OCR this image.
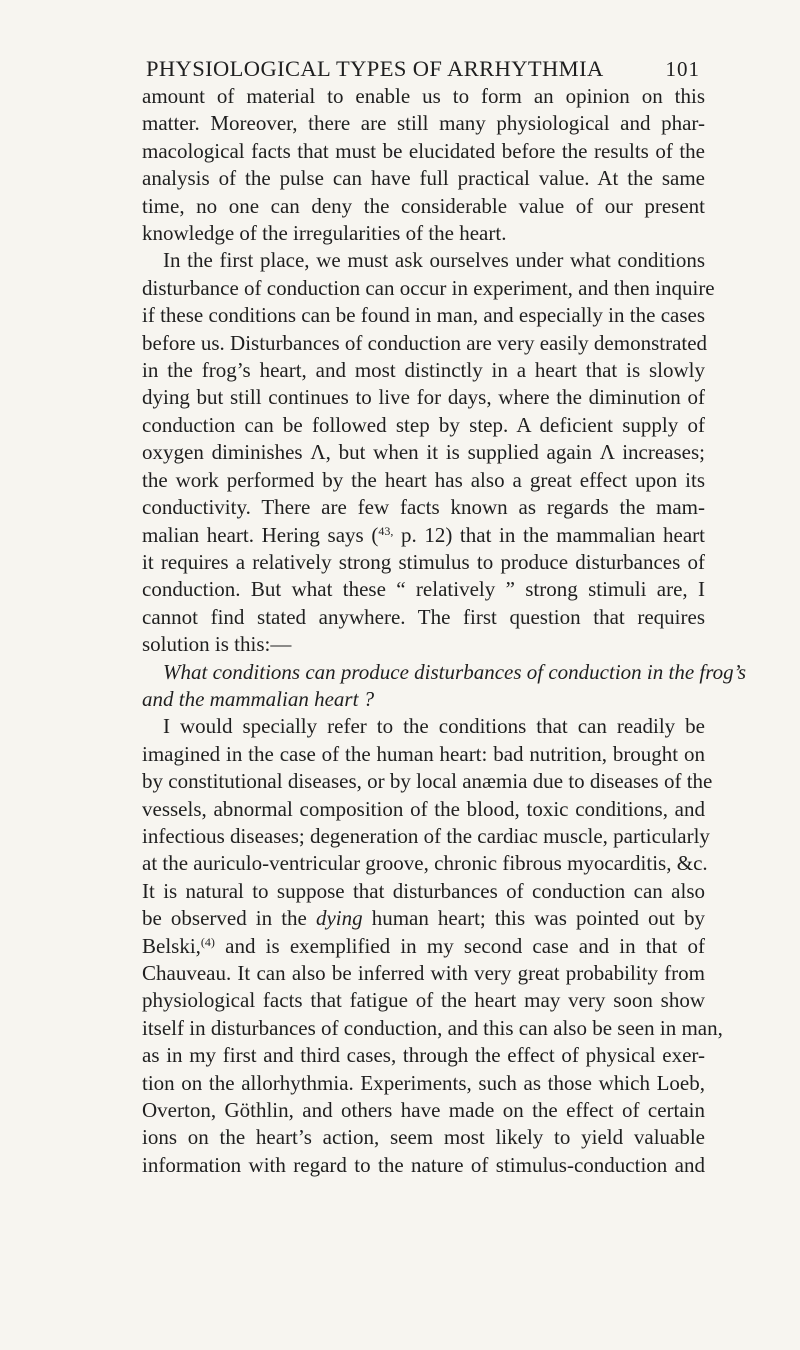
PHYSIOLOGICAL TYPES OF ARRHYTHMIA	101
amount of material to enable us to form an opinion on this
matter. Moreover, there are still many physiological and phar-
macological facts that must be elucidated before the results of the
analysis of the pulse can have full practical value. At the same
time, no one can deny the considerable value of our present
knowledge of the irregularities of the heart.
In the first place, we must ask ourselves under what conditions
disturbance of conduction can occur in experiment, and then inquire
if these conditions can be found in man, and especially in the cases
before us. Disturbances of conduction are very easily demonstrated
in the frog’s heart, and most distinctly in a heart that is slowly
dying but still continues to live for days, where the diminution of
conduction can be followed step by step. A deficient supply of
oxygen diminishes Λ, but when it is supplied again Λ increases;
the work performed by the heart has also a great effect upon its
conductivity. There are few facts known as regards the mam-
malian heart. Hering says ($^{43,}$ p. 12) that in the mammalian heart
it requires a relatively strong stimulus to produce disturbances of
conduction. But what these “ relatively ” strong stimuli are, I
cannot find stated anywhere. The first question that requires
solution is this:—
What conditions can produce disturbances of conduction in the frog’s
and the mammalian heart ?
I would specially refer to the conditions that can readily be
imagined in the case of the human heart: bad nutrition, brought on
by constitutional diseases, or by local anæmia due to diseases of the
vessels, abnormal composition of the blood, toxic conditions, and
infectious diseases; degeneration of the cardiac muscle, particularly
at the auriculo-ventricular groove, chronic fibrous myocarditis, &c.
It is natural to suppose that disturbances of conduction can also
be observed in the dying human heart; this was pointed out by
Belski,$^{(4)}$ and is exemplified in my second case and in that of
Chauveau. It can also be inferred with very great probability from
physiological facts that fatigue of the heart may very soon show
itself in disturbances of conduction, and this can also be seen in man,
as in my first and third cases, through the effect of physical exer-
tion on the allorhythmia. Experiments, such as those which Loeb,
Overton, Göthlin, and others have made on the effect of certain
ions on the heart’s action, seem most likely to yield valuable
information with regard to the nature of stimulus-conduction and
